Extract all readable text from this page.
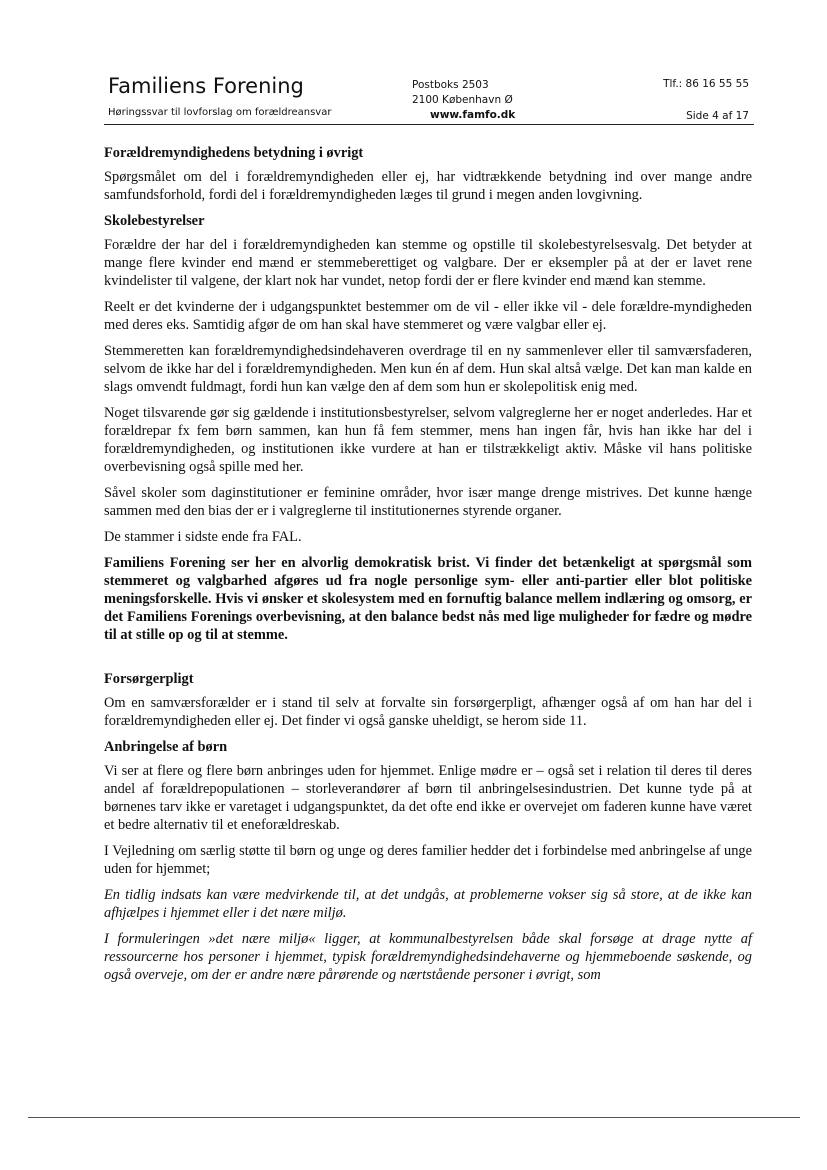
Familiens Forening
Høringssvar til lovforslag om forældreansvar
Postboks 2503
2100 København Ø
www.famfo.dk
Tlf.: 86 16 55 55
Side 4 af 17
Forældremyndighedens betydning i øvrigt

Spørgsmålet om del i forældremyndigheden eller ej, har vidtrækkende betydning ind over mange andre samfundsforhold, fordi del i forældremyndigheden læges til grund i megen anden lovgivning.

Skolebestyrelser

Forældre der har del i forældremyndigheden kan stemme og opstille til skolebestyrelsesvalg. Det betyder at mange flere kvinder end mænd er stemmeberettiget og valgbare. Der er eksempler på at der er lavet rene kvindelister til valgene, der klart nok har vundet, netop fordi der er flere kvinder end mænd kan stemme.

Reelt er det kvinderne der i udgangspunktet bestemmer om de vil - eller ikke vil - dele forældre-myndigheden med deres eks. Samtidig afgør de om han skal have stemmeret og være valgbar eller ej.

Stemmeretten kan forældremyndighedsindehaveren overdrage til en ny sammenlever eller til samværsfaderen, selvom de ikke har del i forældremyndigheden. Men kun én af dem. Hun skal altså vælge. Det kan man kalde en slags omvendt fuldmagt, fordi hun kan vælge den af dem som hun er skolepolitisk enig med.

Noget tilsvarende gør sig gældende i institutionsbestyrelser, selvom valgreglerne her er noget anderledes. Har et forældrepar fx fem børn sammen, kan hun få fem stemmer, mens han ingen får, hvis han ikke har del i forældremyndigheden, og institutionen ikke vurdere at han er tilstrækkeligt aktiv. Måske vil hans politiske overbevisning også spille med her.

Såvel skoler som daginstitutioner er feminine områder, hvor især mange drenge mistrives. Det kunne hænge sammen med den bias der er i valgreglerne til institutionernes styrende organer.

De stammer i sidste ende fra FAL.

Familiens Forening ser her en alvorlig demokratisk brist. Vi finder det betænkeligt at spørgsmål som stemmeret og valgbarhed afgøres ud fra nogle personlige sym- eller anti-partier eller blot politiske meningsforskelle. Hvis vi ønsker et skolesystem med en fornuftig balance mellem indlæring og omsorg, er det Familiens Forenings overbevisning, at den balance bedst nås med lige muligheder for fædre og mødre til at stille op og til at stemme.

Forsørgerpligt

Om en samværsforælder er i stand til selv at forvalte sin forsørgerpligt, afhænger også af om han har del i forældremyndigheden eller ej. Det finder vi også ganske uheldigt, se herom side 11.

Anbringelse af børn

Vi ser at flere og flere børn anbringes uden for hjemmet. Enlige mødre er – også set i relation til deres til deres andel af forældrepopulationen – storleverandører af børn til anbringelsesindustrien. Det kunne tyde på at børnenes tarv ikke er varetaget i udgangspunktet, da det ofte end ikke er overvejet om faderen kunne have været et bedre alternativ til et eneforældreskab.

I Vejledning om særlig støtte til børn og unge og deres familier hedder det i forbindelse med anbringelse af unge uden for hjemmet;

En tidlig indsats kan være medvirkende til, at det undgås, at problemerne vokser sig så store, at de ikke kan afhjælpes i hjemmet eller i det nære miljø.

I formuleringen »det nære miljø« ligger, at kommunalbestyrelsen både skal forsøge at drage nytte af ressourcerne hos personer i hjemmet, typisk forældremyndighedsindehaverne og hjemmeboende søskende, og også overveje, om der er andre nære pårørende og nærtstående personer i øvrigt, som
